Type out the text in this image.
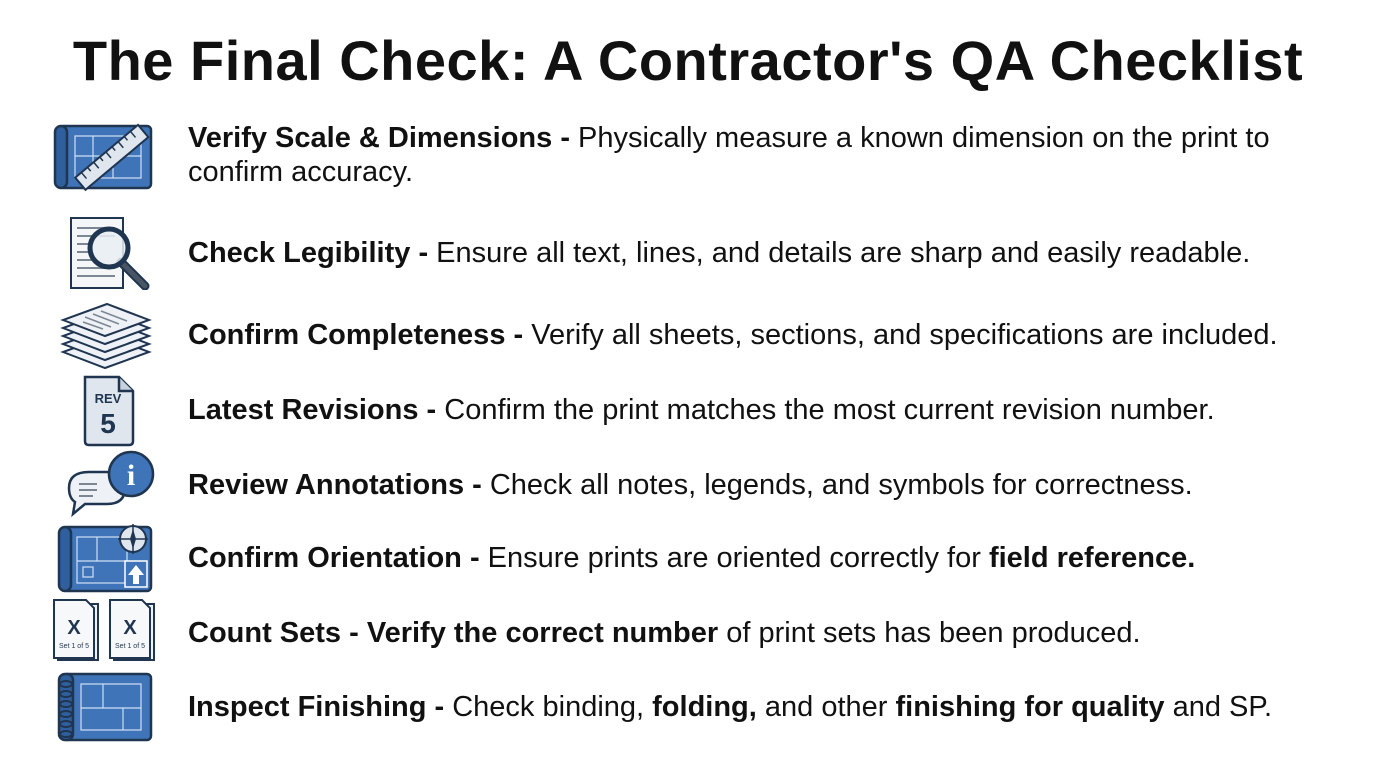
The Final Check: A Contractor's QA Checklist

Verify Scale & Dimensions - Physically measure a known dimension on the print to confirm accuracy.

Check Legibility - Ensure all text, lines, and details are sharp and easily readable.

Confirm Completeness - Verify all sheets, sections, and specifications are included.

REV
5 Latest Revisions - Confirm the print matches the most current revision number.

i Review Annotations - Check all notes, legends, and symbols for correctness.

Confirm Orientation - Ensure prints are oriented correctly for field reference.

X
Set 1 of 5
X
Set 1 of 5 Count Sets - Verify the correct number of print sets has been produced.

Inspect Finishing - Check binding, folding, and other finishing for quality and SP.
